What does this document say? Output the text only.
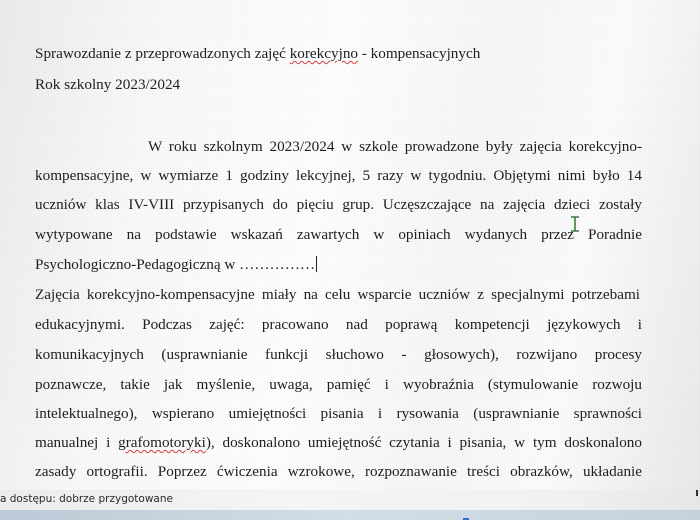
Sprawozdanie z przeprowadzonych zajęć korekcyjno - kompensacyjnych
Rok szkolny 2023/2024
W roku szkolnym 2023/2024 w szkole prowadzone były zajęcia korekcyjno-
kompensacyjne, w wymiarze 1 godziny lekcyjnej, 5 razy w tygodniu. Objętymi nimi było 14
uczniów klas IV-VIII przypisanych do pięciu grup. Uczęszczające na zajęcia dzieci zostały
wytypowane na podstawie wskazań zawartych w opiniach wydanych przez Poradnie
Psychologiczno-Pedagogiczną w ……………
Zajęcia korekcyjno-kompensacyjne miały na celu wsparcie uczniów z specjalnymi potrzebami
edukacyjnymi. Podczas zajęć: pracowano nad poprawą kompetencji językowych i
komunikacyjnych (usprawnianie funkcji słuchowo - głosowych), rozwijano procesy
poznawcze, takie jak myślenie, uwaga, pamięć i wyobraźnia (stymulowanie rozwoju
intelektualnego), wspierano umiejętności pisania i rysowania (usprawnianie sprawności
manualnej i grafomotoryki), doskonalono umiejętność czytania i pisania, w tym doskonalono
zasady ortografii. Poprzez ćwiczenia wzrokowe, rozpoznawanie treści obrazków, układanie
a dostępu: dobrze przygotowane
